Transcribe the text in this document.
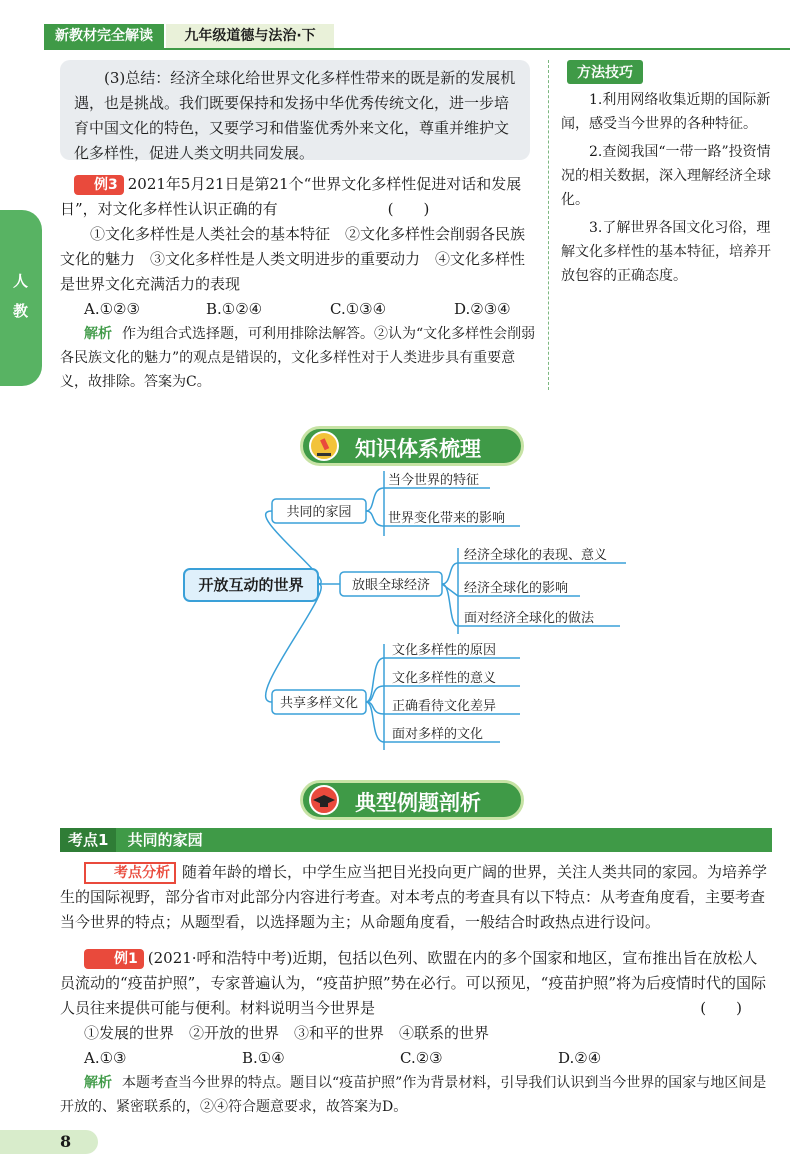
新教材完全解读	九年级道德与法治·下
人
教
(3)总结：经济全球化给世界文化多样性带来的既是新的发展机遇，也是挑战。我们既要保持和发扬中华优秀传统文化，进一步培育中国文化的特色，又要学习和借鉴优秀外来文化，尊重并维护文化多样性，促进人类文明共同发展。
方法技巧

1.利用网络收集近期的国际新闻，感受当今世界的各种特征。

2.查阅我国“一带一路”投资情况的相关数据，深入理解经济全球化。

3.了解世界各国文化习俗，理解文化多样性的基本特征，培养开放包容的正确态度。

例3 2021年5月21日是第21个“世界文化多样性促进对话和发展日”，对文化多样性认识正确的有	(　　)
①文化多样性是人类社会的基本特征　②文化多样性会削弱各民族文化的魅力　③文化多样性是人类文明进步的重要动力　④文化多样性是世界文化充满活力的表现
A.①②③	B.①②④	C.①③④	D.②③④
解析 作为组合式选择题，可利用排除法解答。②认为“文化多样性会削弱各民族文化的魅力”的观点是错误的，文化多样性对于人类进步具有重要意义，故排除。答案为C。
知识体系梳理
开放互动的世界
共同的家园
放眼全球经济
共享多样文化
当今世界的特征
世界变化带来的影响
经济全球化的表现、意义
经济全球化的影响
面对经济全球化的做法
文化多样性的原因
文化多样性的意义
正确看待文化差异
面对多样的文化
典型例题剖析
考点1 共同的家园
考点分析 随着年龄的增长，中学生应当把目光投向更广阔的世界，关注人类共同的家园。为培养学生的国际视野，部分省市对此部分内容进行考查。对本考点的考查具有以下特点：从考查角度看，主要考查当今世界的特点；从题型看，以选择题为主；从命题角度看，一般结合时政热点进行设问。
例1 (2021·呼和浩特中考)近期，包括以色列、欧盟在内的多个国家和地区，宣布推出旨在放松人员流动的“疫苗护照”，专家普遍认为，“疫苗护照”势在必行。可以预见，“疫苗护照”将为后疫情时代的国际人员往来提供可能与便利。材料说明当今世界是	(　　)
①发展的世界　②开放的世界　③和平的世界　④联系的世界
A.①③	B.①④	C.②③	D.②④
解析 本题考查当今世界的特点。题目以“疫苗护照”作为背景材料，引导我们认识到当今世界的国家与地区间是开放的、紧密联系的，②④符合题意要求，故答案为D。
8
